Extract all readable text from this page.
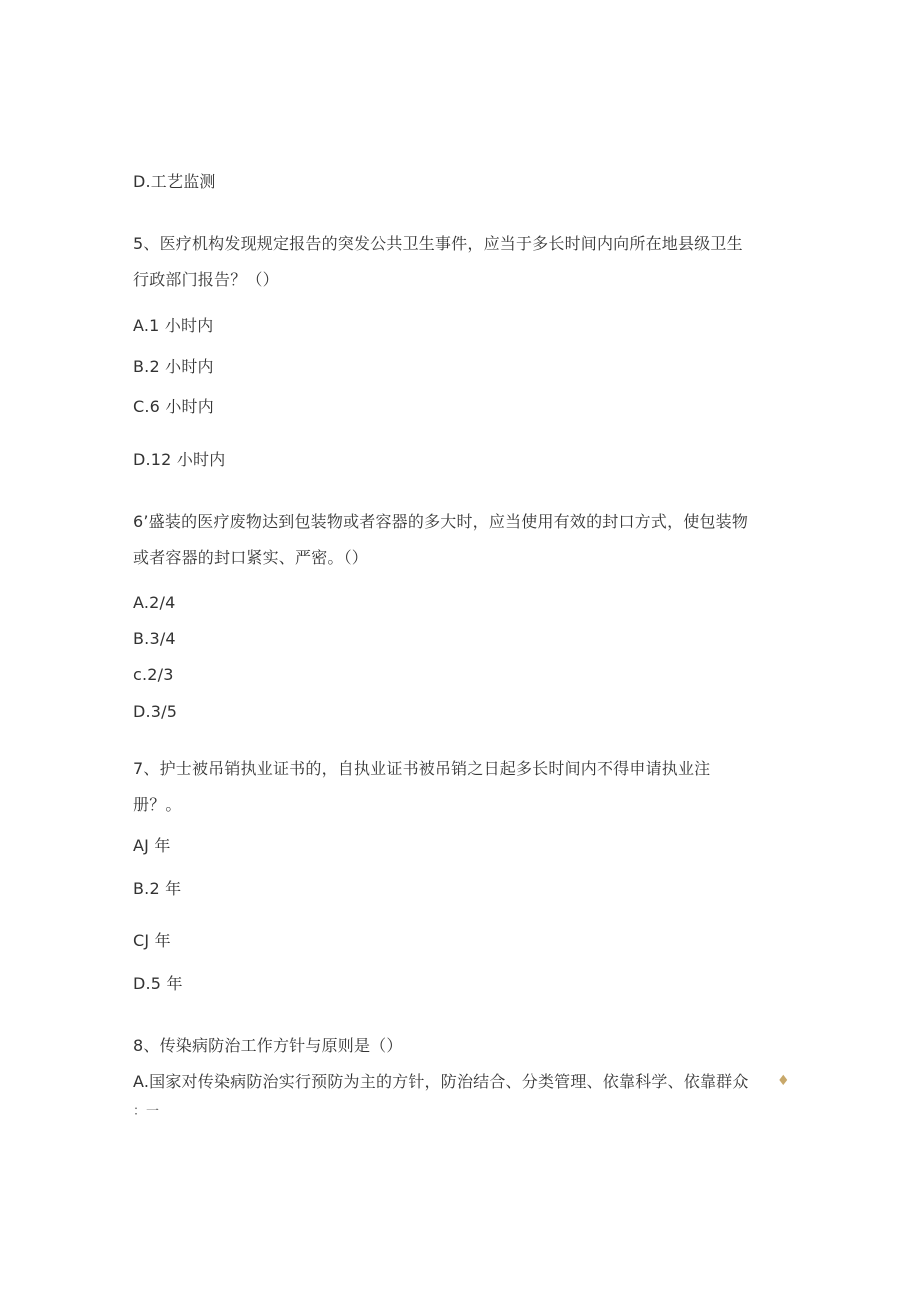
D.工艺监测
5、医疗机构发现规定报告的突发公共卫生事件，应当于多长时间内向所在地县级卫生
行政部门报告？（）
A.1 小时内
B.2 小时内
C.6 小时内
D.12 小时内
6’盛装的医疗废物达到包装物或者容器的多大时，应当使用有效的封口方式，使包装物
或者容器的封口紧实、严密。（）
A.2/4
B.3/4
c.2/3
D.3/5
7、护士被吊销执业证书的，自执业证书被吊销之日起多长时间内不得申请执业注
册？。
AJ 年
B.2 年
CJ 年
D.5 年
8、传染病防治工作方针与原则是（）
A.国家对传染病防治实行预防为主的方针，防治结合、分类管理、依靠科学、依靠群众 ♦
：一
